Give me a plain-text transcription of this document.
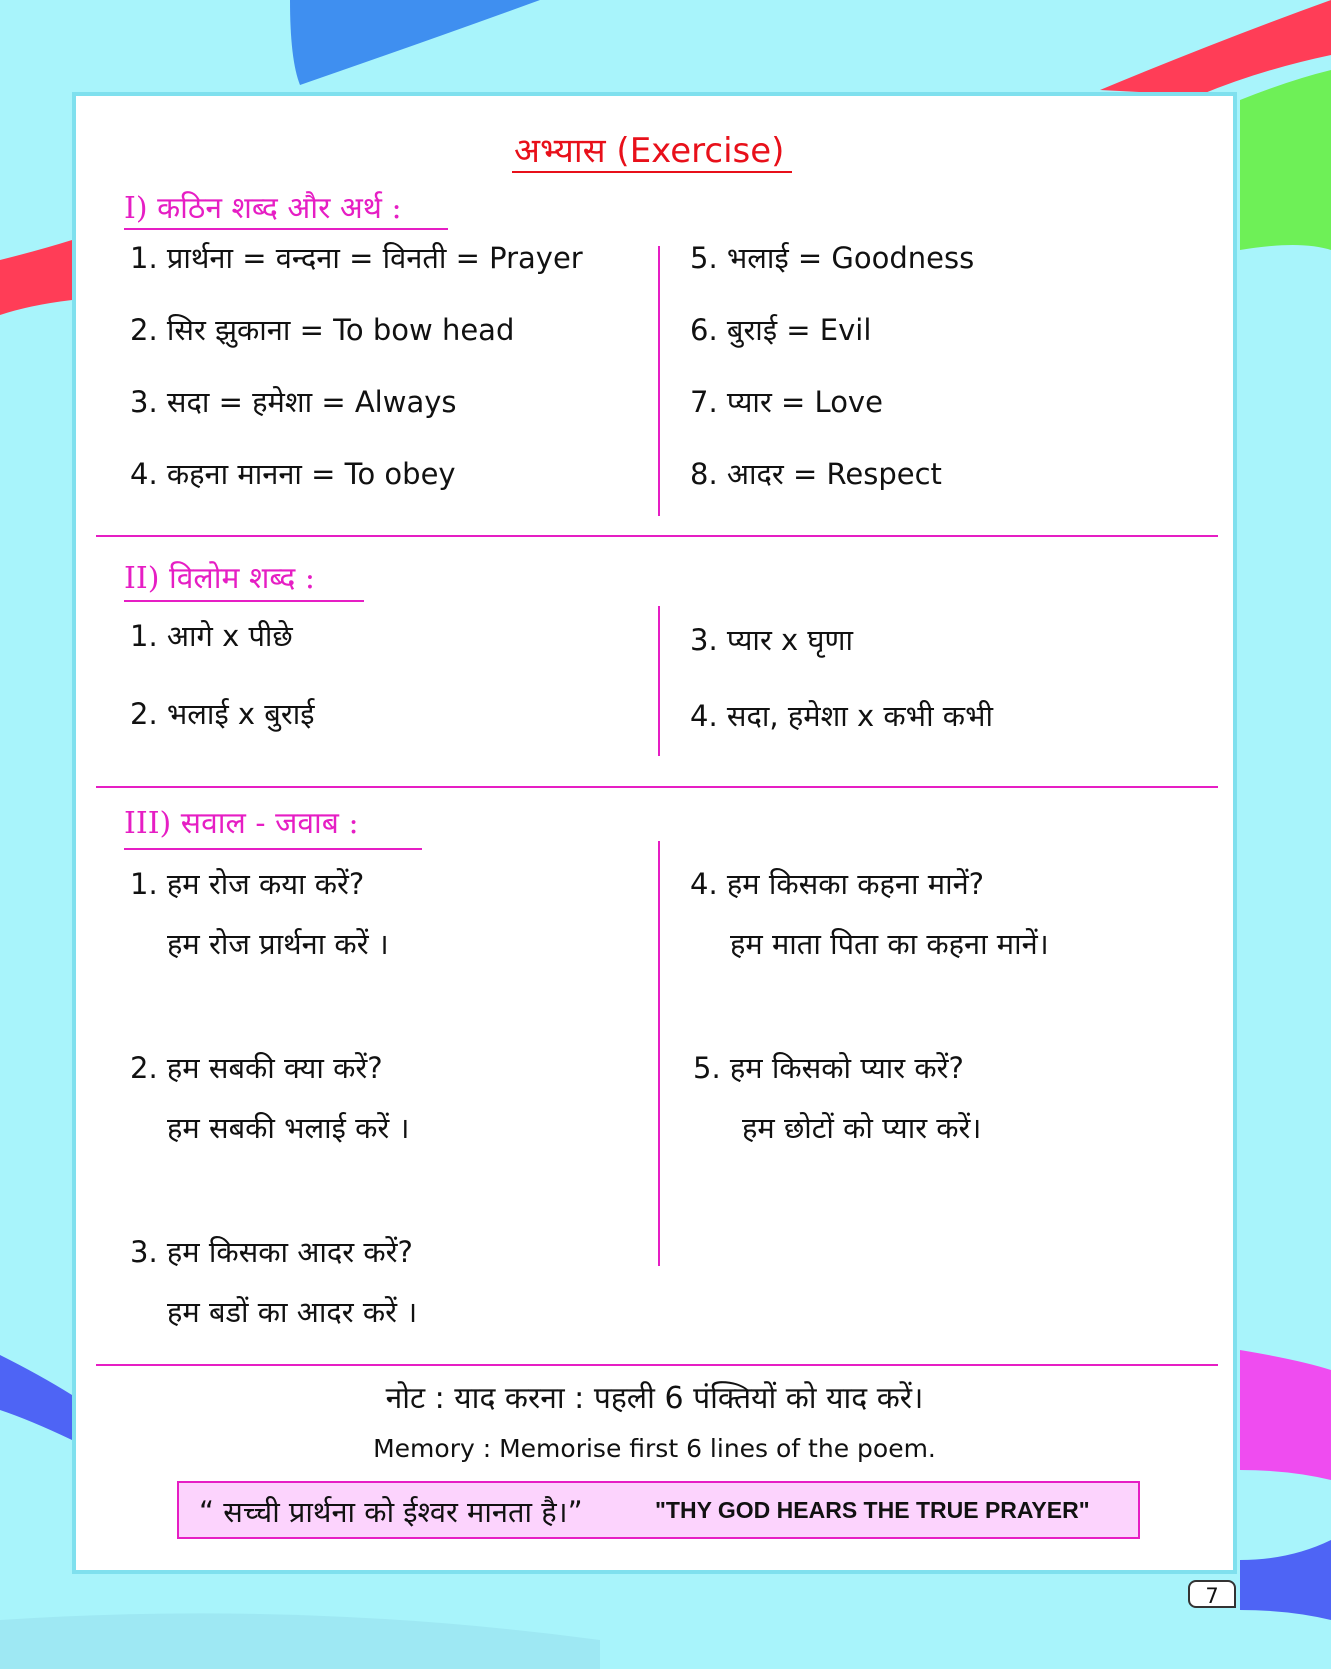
अभ्यास (Exercise)
I) कठिन शब्द और अर्थ :
1. प्रार्थना = वन्दना = विनती = Prayer
2. सिर झुकाना = To bow head
3. सदा = हमेशा = Always
4. कहना मानना = To obey
5. भलाई = Goodness
6. बुराई = Evil
7. प्यार = Love
8. आदर = Respect
II) विलोम शब्द :
1. आगे x पीछे
2. भलाई x बुराई
3. प्यार x घृणा
4. सदा, हमेशा x कभी कभी
III) सवाल - जवाब :
1. हम रोज कया करें?
हम रोज प्रार्थना करें ।
2. हम सबकी क्या करें?
हम सबकी भलाई करें ।
3. हम किसका आदर करें?
हम बडों का आदर करें ।
4. हम किसका कहना मानें?
हम माता पिता का कहना मानें।
5. हम किसको प्यार करें?
हम छोटों को प्यार करें।
नोट : याद करना : पहली 6 पंक्तियों को याद करें।
Memory : Memorise first 6 lines of the poem.
“ सच्ची प्रार्थना को ईश्वर मानता है।”	"THY GOD HEARS THE TRUE PRAYER"
7
